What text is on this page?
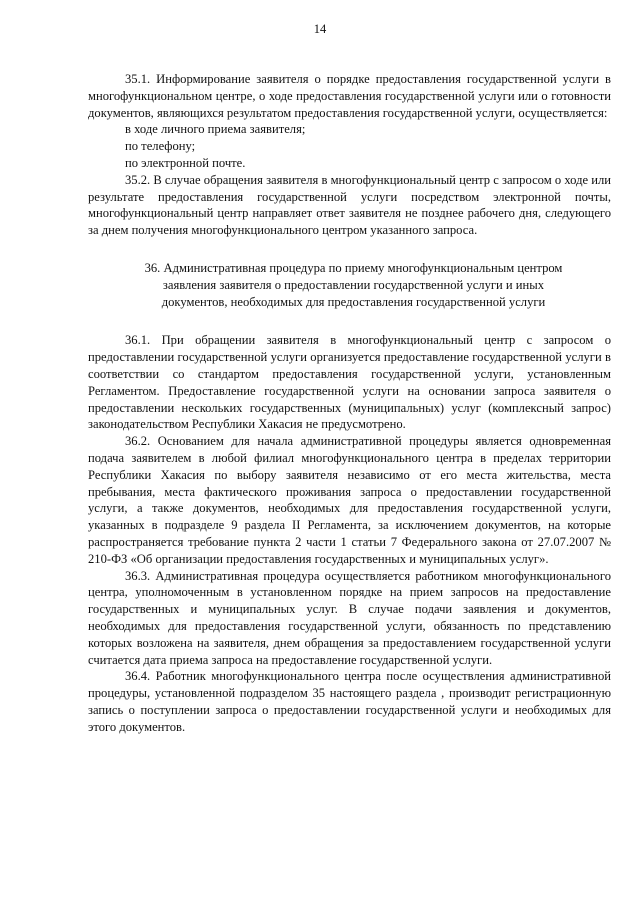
14

35.1. Информирование заявителя о порядке предоставления государственной услуги в многофункциональном центре, о ходе предоставления государственной услуги или о готовности документов, являющихся результатом предоставления государственной услуги, осуществляется:

в ходе личного приема заявителя;

по телефону;

по электронной почте.

35.2. В случае обращения заявителя в многофункциональный центр с запросом о ходе или результате предоставления государственной услуги посредством электронной почты, многофункциональный центр направляет ответ заявителя не позднее рабочего дня, следующего за днем получения многофункционального центром указанного запроса.

36. Административная процедура по приему многофункциональным центром заявления заявителя о предоставлении государственной услуги и иных документов, необходимых для предоставления государственной услуги

36.1. При обращении заявителя в многофункциональный центр с запросом о предоставлении государственной услуги организуется предоставление государственной услуги в соответствии со стандартом предоставления государственной услуги, установленным Регламентом. Предоставление государственной услуги на основании запроса заявителя о предоставлении нескольких государственных (муниципальных) услуг (комплексный запрос) законодательством Республики Хакасия не предусмотрено.

36.2. Основанием для начала административной процедуры является одновременная подача заявителем в любой филиал многофункционального центра в пределах территории Республики Хакасия по выбору заявителя независимо от его места жительства, места пребывания, места фактического проживания запроса о предоставлении государственной услуги, а также документов, необходимых для предоставления государственной услуги, указанных в подразделе 9 раздела II Регламента, за исключением документов, на которые распространяется требование пункта 2 части 1 статьи 7 Федерального закона от 27.07.2007 № 210-ФЗ «Об организации предоставления государственных и муниципальных услуг».

36.3. Административная процедура осуществляется работником многофункционального центра, уполномоченным в установленном порядке на прием запросов на предоставление государственных и муниципальных услуг. В случае подачи заявления и документов, необходимых для предоставления государственной услуги, обязанность по представлению которых возложена на заявителя, днем обращения за предоставлением государственной услуги считается дата приема запроса на предоставление государственной услуги.

36.4. Работник многофункционального центра после осуществления административной процедуры, установленной подразделом 35 настоящего раздела , производит регистрационную запись о поступлении запроса о предоставлении государственной услуги и необходимых для этого документов.
